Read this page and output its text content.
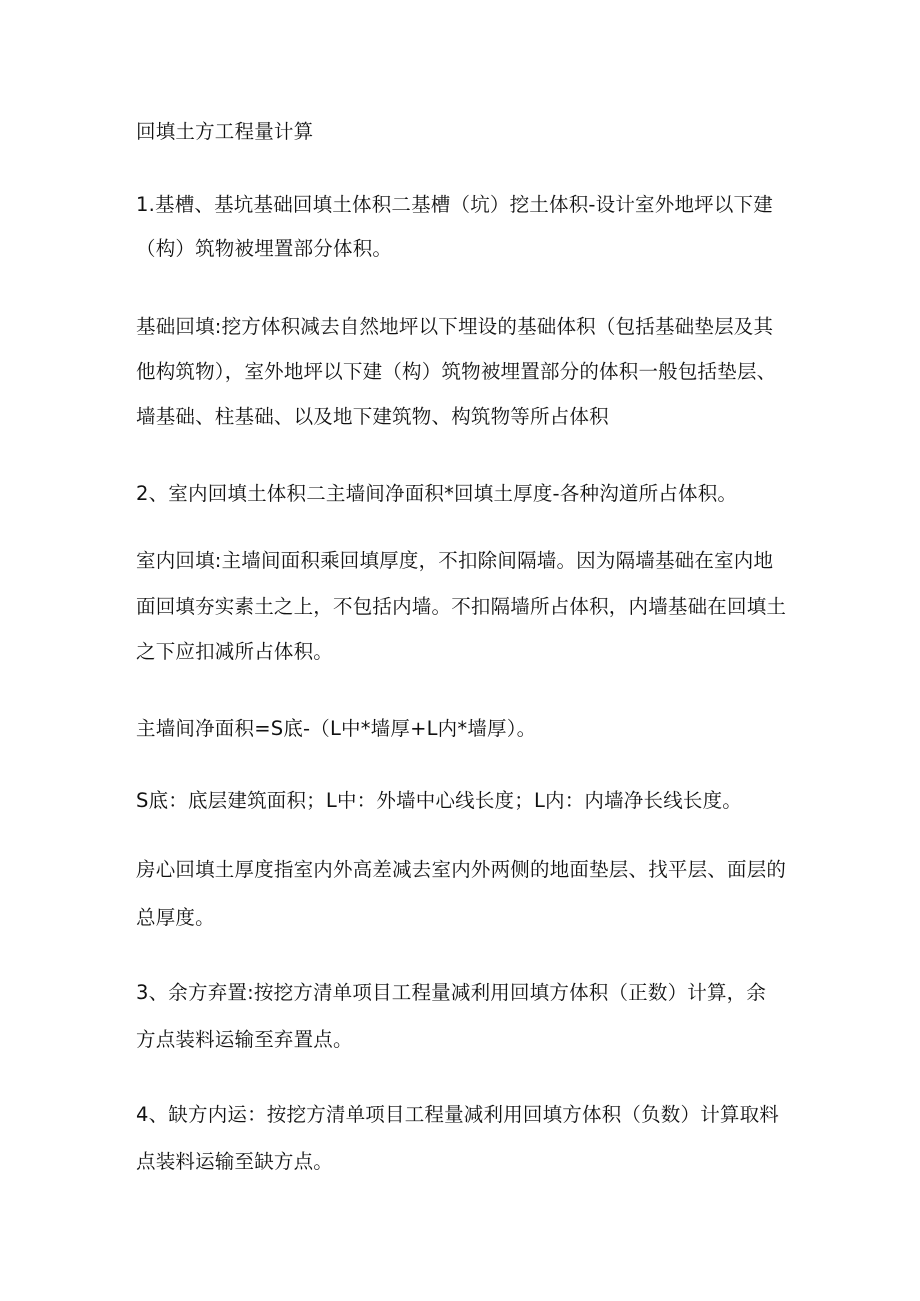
回填土方工程量计算
1.基槽、基坑基础回填土体积二基槽（坑）挖土体积-设计室外地坪以下建
（构）筑物被埋置部分体积。
基础回填:挖方体积减去自然地坪以下埋设的基础体积（包括基础垫层及其
他构筑物），室外地坪以下建（构）筑物被埋置部分的体积一般包括垫层、
墙基础、柱基础、以及地下建筑物、构筑物等所占体积
2、室内回填土体积二主墙间净面积*回填土厚度-各种沟道所占体积。
室内回填:主墙间面积乘回填厚度，不扣除间隔墙。因为隔墙基础在室内地
面回填夯实素土之上，不包括内墙。不扣隔墙所占体积，内墙基础在回填土
之下应扣减所占体积。
主墙间净面积=S底-（L中*墙厚+L内*墙厚）。
S底：底层建筑面积；L中：外墙中心线长度；L内：内墙净长线长度。
房心回填土厚度指室内外高差减去室内外两侧的地面垫层、找平层、面层的
总厚度。
3、余方弃置:按挖方清单项目工程量减利用回填方体积（正数）计算，余
方点装料运输至弃置点。
4、缺方内运：按挖方清单项目工程量减利用回填方体积（负数）计算取料
点装料运输至缺方点。
